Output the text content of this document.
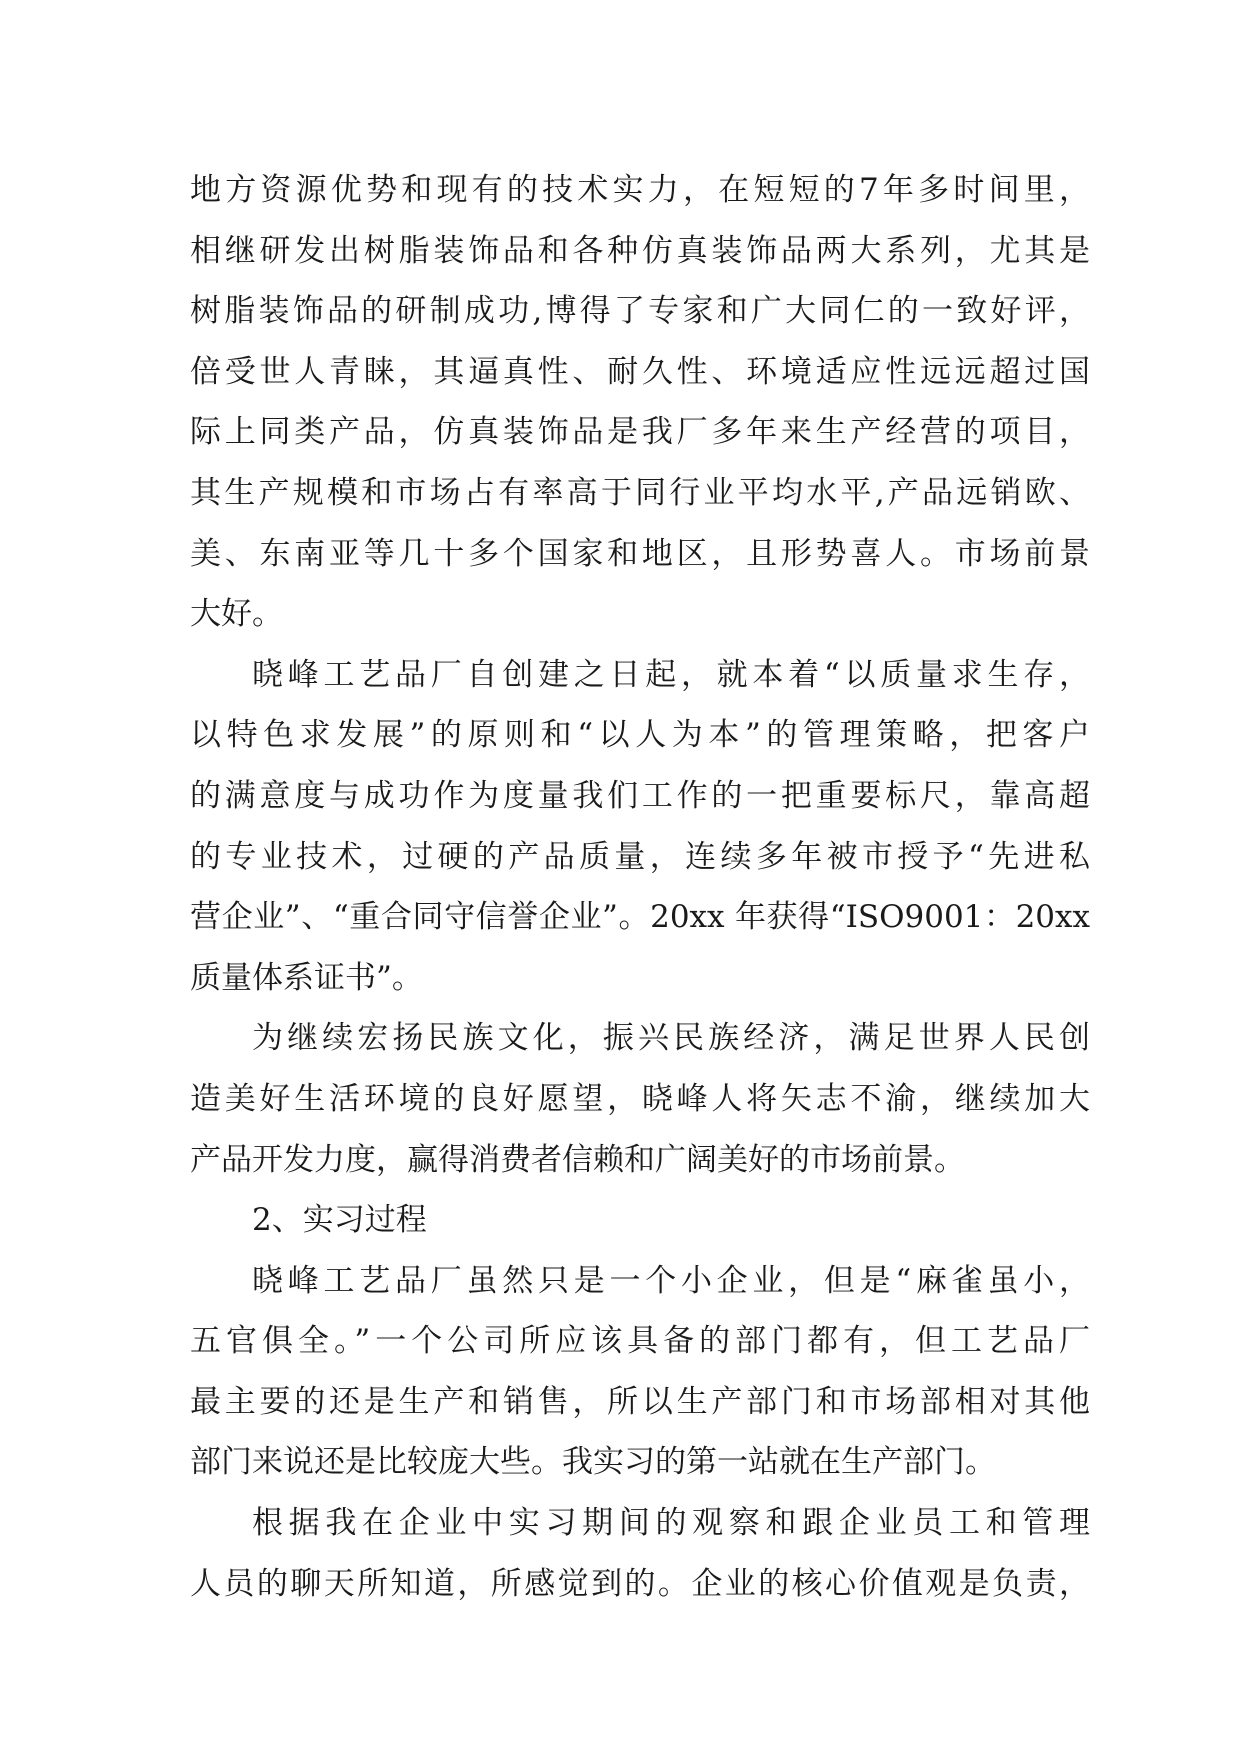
地方资源优势和现有的技术实力，在短短的7年多时间里，
相继研发出树脂装饰品和各种仿真装饰品两大系列，尤其是
树脂装饰品的研制成功,博得了专家和广大同仁的一致好评，
倍受世人青睐，其逼真性、耐久性、环境适应性远远超过国
际上同类产品，仿真装饰品是我厂多年来生产经营的项目，
其生产规模和市场占有率高于同行业平均水平,产品远销欧、
美、东南亚等几十多个国家和地区，且形势喜人。市场前景
大好。
晓峰工艺品厂自创建之日起，就本着“以质量求生存，
以特色求发展”的原则和“以人为本”的管理策略，把客户
的满意度与成功作为度量我们工作的一把重要标尺，靠高超
的专业技术，过硬的产品质量，连续多年被市授予“先进私
营企业”、“重合同守信誉企业”。20xx 年获得“ISO9001：20xx
质量体系证书”。
为继续宏扬民族文化，振兴民族经济，满足世界人民创
造美好生活环境的良好愿望，晓峰人将矢志不渝，继续加大
产品开发力度，赢得消费者信赖和广阔美好的市场前景。
2、实习过程
晓峰工艺品厂虽然只是一个小企业，但是“麻雀虽小，
五官俱全。”一个公司所应该具备的部门都有，但工艺品厂
最主要的还是生产和销售，所以生产部门和市场部相对其他
部门来说还是比较庞大些。我实习的第一站就在生产部门。
根据我在企业中实习期间的观察和跟企业员工和管理
人员的聊天所知道，所感觉到的。企业的核心价值观是负责，
